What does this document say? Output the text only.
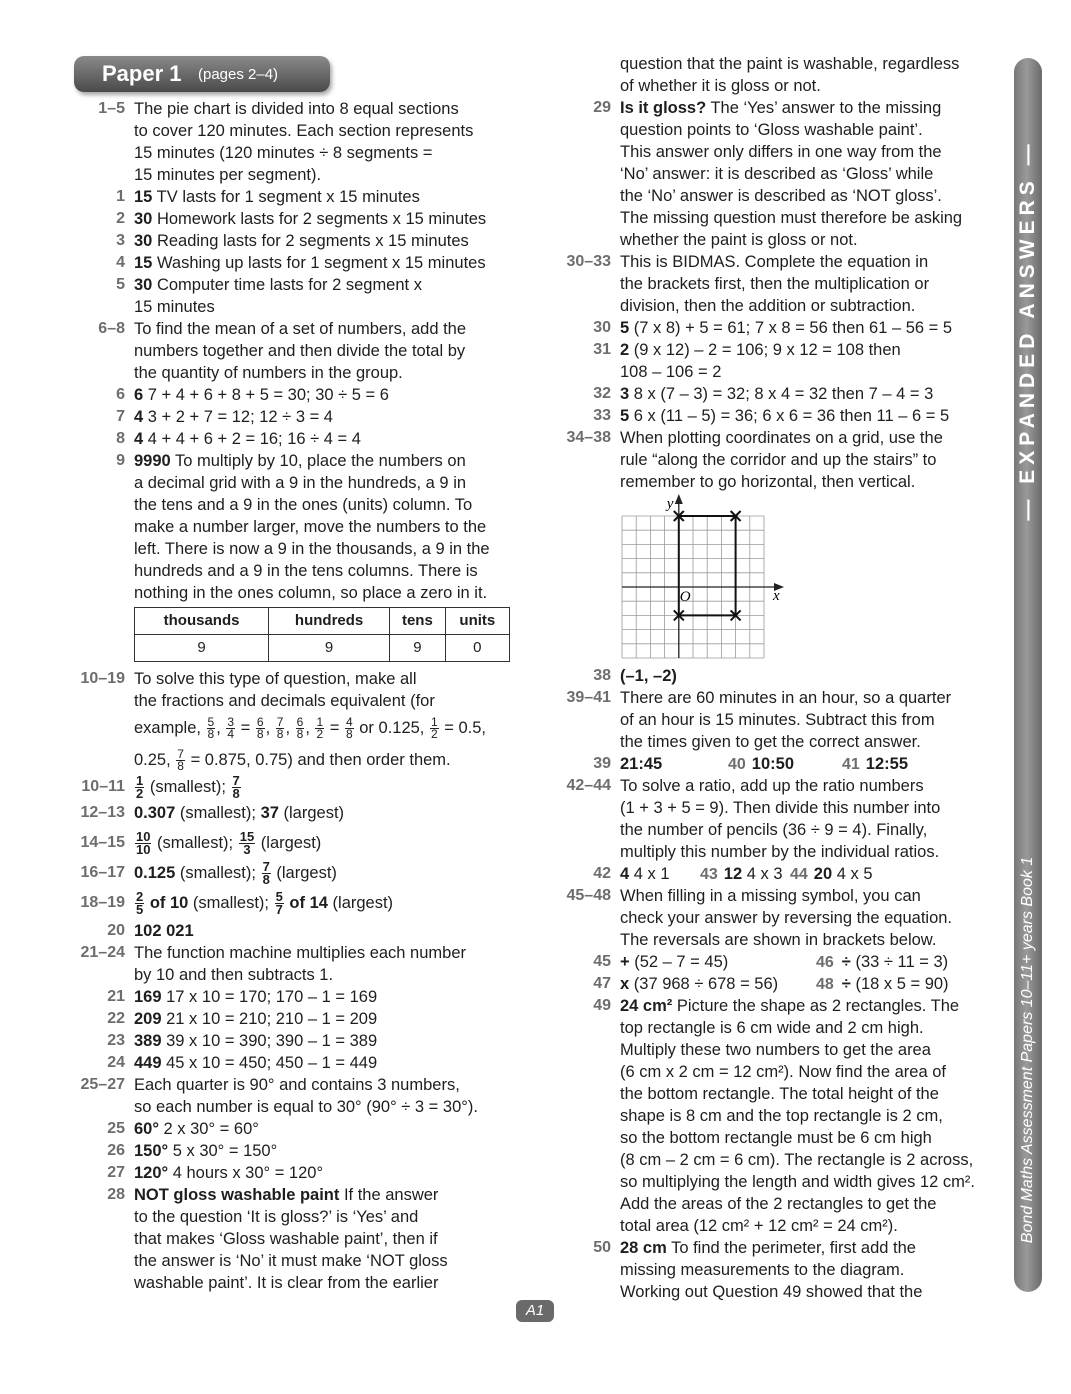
Paper 1 (pages 2–4)
— EXPANDED ANSWERS —
Bond Maths Assessment Papers 10–11+ years Book 1
1–5 The pie chart is divided into 8 equal sections
to cover 120 minutes. Each section represents
15 minutes (120 minutes ÷ 8 segments =
15 minutes per segment).
1 15 TV lasts for 1 segment x 15 minutes
2 30 Homework lasts for 2 segments x 15 minutes
3 30 Reading lasts for 2 segments x 15 minutes
4 15 Washing up lasts for 1 segment x 15 minutes
5 30 Computer time lasts for 2 segment x
15 minutes
6–8 To find the mean of a set of numbers, add the
numbers together and then divide the total by
the quantity of numbers in the group.
6 6 7 + 4 + 6 + 8 + 5 = 30; 30 ÷ 5 = 6
7 4 3 + 2 + 7 = 12; 12 ÷ 3 = 4
8 4 4 + 4 + 6 + 2 = 16; 16 ÷ 4 = 4
9 9990 To multiply by 10, place the numbers on
a decimal grid with a 9 in the hundreds, a 9 in
the tens and a 9 in the ones (units) column. To
make a number larger, move the numbers to the
left. There is now a 9 in the thousands, a 9 in the
hundreds and a 9 in the tens columns. There is
nothing in the ones column, so place a zero in it.
thousands	hundreds	tens	units
9	9	9	0
10–19 To solve this type of question, make all
the fractions and decimals equivalent (for
example, $\frac{5}{8}$ , $\frac{3}{4} = \frac{6}{8}$ , $\frac{7}{8}$ , $\frac{6}{8}$ , $\frac{1}{2} = \frac{4}{8}$ or 0.125, $\frac{1}{2} = 0.5$,
0.25, $\frac{7}{8} = 0.875$, 0.75) and then order them.
$10-11 \frac{1}{2}$ (smallest); $\frac{7}{8}$
12–13 0.307 (smallest); 37 (largest)
$14-15 \frac{10}{10}$ (smallest); $\frac{15}{3}$ (largest)
16–17 0.125 (smallest); $\frac{7}{8}$ (largest)
$18-19 \frac{2}{5}$ of 10 (smallest); $\frac{5}{7}$ of 14 (largest)
20 102 021
21–24 The function machine multiplies each number
by 10 and then subtracts 1.
21 169 17 x 10 = 170; 170 – 1 = 169
22 209 21 x 10 = 210; 210 – 1 = 209
23 389 39 x 10 = 390; 390 – 1 = 389
24 449 45 x 10 = 450; 450 – 1 = 449
25–27 Each quarter is 90° and contains 3 numbers,
so each number is equal to 30° (90° ÷ 3 = 30°).
25 60° 2 x 30° = 60°
26 150° 5 x 30° = 150°
27 120° 4 hours x 30° = 120°
28 NOT gloss washable paint If the answer
to the question ‘It is gloss?’ is ‘Yes’ and
that makes ‘Gloss washable paint’, then if
the answer is ‘No’ it must make ‘NOT gloss
washable paint’. It is clear from the earlier
question that the paint is washable, regardless
of whether it is gloss or not.
29 Is it gloss? The ‘Yes’ answer to the missing
question points to ‘Gloss washable paint’.
This answer only differs in one way from the
‘No’ answer: it is described as ‘Gloss’ while
the ‘No’ answer is described as ‘NOT gloss’.
The missing question must therefore be asking
whether the paint is gloss or not.
30–33 This is BIDMAS. Complete the equation in
the brackets first, then the multiplication or
division, then the addition or subtraction.
30 5 (7 x 8) + 5 = 61; 7 x 8 = 56 then 61 – 56 = 5
31 2 (9 x 12) – 2 = 106; 9 x 12 = 108 then
108 – 106 = 2
32 3 8 x (7 – 3) = 32; 8 x 4 = 32 then 7 – 4 = 3
33 5 6 x (11 – 5) = 36; 6 x 6 = 36 then 11 – 6 = 5
34–38 When plotting coordinates on a grid, use the
rule “along the corridor and up the stairs” to
remember to go horizontal, then vertical.
38 (–1, –2)
39–41 There are 60 minutes in an hour, so a quarter
of an hour is 15 minutes. Subtract this from
the times given to get the correct answer.
39 21:45	40 10:50	41 12:55
42–44 To solve a ratio, add up the ratio numbers
(1 + 3 + 5 = 9). Then divide this number into
the number of pencils (36 ÷ 9 = 4). Finally,
multiply this number by the individual ratios.
42 4 4 x 1 43 12 4 x 3 44 20 4 x 5
45–48 When filling in a missing symbol, you can
check your answer by reversing the equation.
The reversals are shown in brackets below.
45 + (52 – 7 = 45)	46 ÷ (33 ÷ 11 = 3)
47 x (37 968 ÷ 678 = 56) 48 ÷ (18 x 5 = 90)
49 24 cm² Picture the shape as 2 rectangles. The
top rectangle is 6 cm wide and 2 cm high.
Multiply these two numbers to get the area
(6 cm x 2 cm = 12 cm²). Now find the area of
the bottom rectangle. The total height of the
shape is 8 cm and the top rectangle is 2 cm,
so the bottom rectangle must be 6 cm high
(8 cm – 2 cm = 6 cm). The rectangle is 2 across,
so multiplying the length and width gives 12 cm².
Add the areas of the 2 rectangles to get the
total area (12 cm² + 12 cm² = 24 cm²).
50 28 cm To find the perimeter, first add the
missing measurements to the diagram.
Working out Question 49 showed that the
x
y
O
A1
